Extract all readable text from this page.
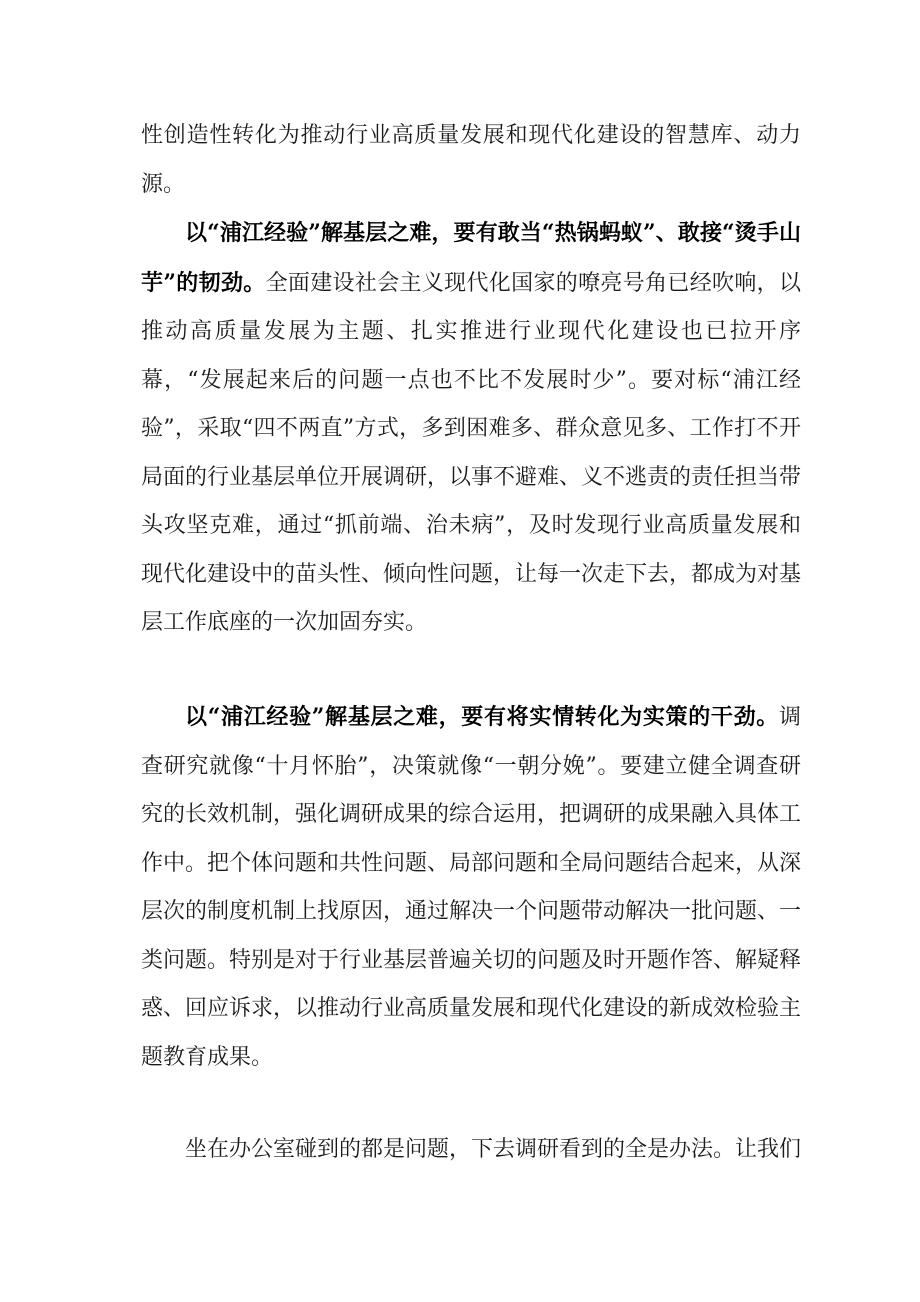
性创造性转化为推动行业高质量发展和现代化建设的智慧库、动力源。

以“浦江经验”解基层之难，要有敢当“热锅蚂蚁”、敢接“烫手山芋”的韧劲。全面建设社会主义现代化国家的嘹亮号角已经吹响，以推动高质量发展为主题、扎实推进行业现代化建设也已拉开序幕，“发展起来后的问题一点也不比不发展时少”。要对标“浦江经验”，采取“四不两直”方式，多到困难多、群众意见多、工作打不开局面的行业基层单位开展调研，以事不避难、义不逃责的责任担当带头攻坚克难，通过“抓前端、治未病”，及时发现行业高质量发展和现代化建设中的苗头性、倾向性问题，让每一次走下去，都成为对基层工作底座的一次加固夯实。

以“浦江经验”解基层之难，要有将实情转化为实策的干劲。调查研究就像“十月怀胎”，决策就像“一朝分娩”。要建立健全调查研究的长效机制，强化调研成果的综合运用，把调研的成果融入具体工作中。把个体问题和共性问题、局部问题和全局问题结合起来，从深层次的制度机制上找原因，通过解决一个问题带动解决一批问题、一类问题。特别是对于行业基层普遍关切的问题及时开题作答、解疑释惑、回应诉求，以推动行业高质量发展和现代化建设的新成效检验主题教育成果。

坐在办公室碰到的都是问题，下去调研看到的全是办法。让我们
